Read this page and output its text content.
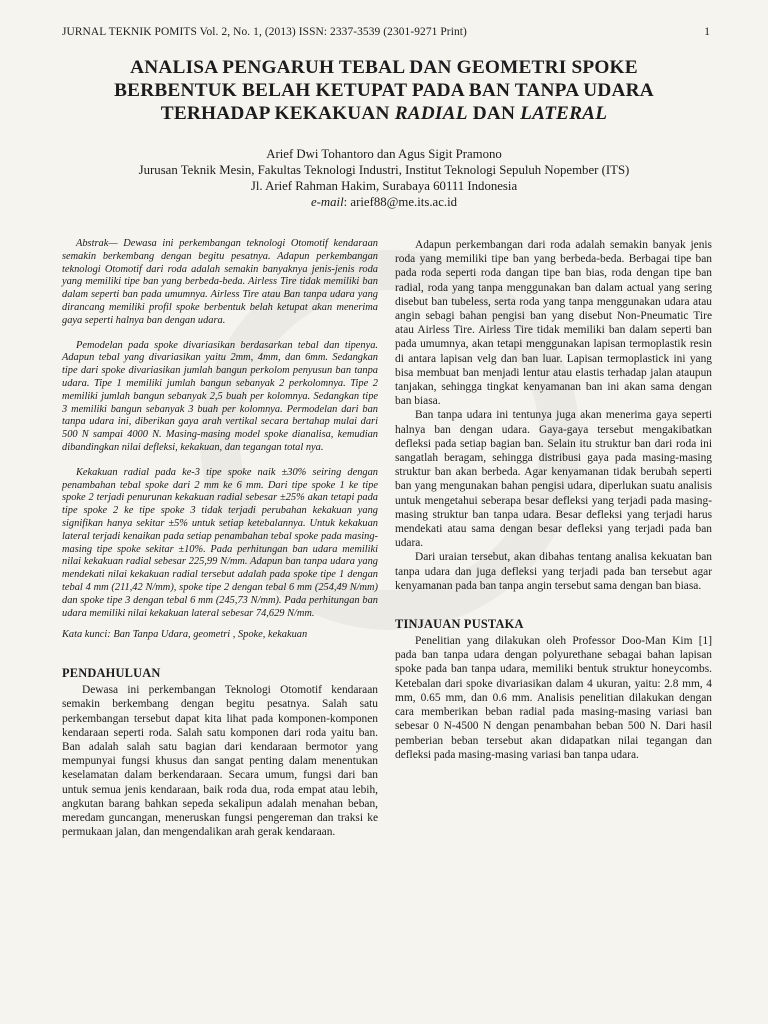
JURNAL TEKNIK POMITS Vol. 2, No. 1, (2013) ISSN: 2337-3539 (2301-9271 Print)	1
ANALISA PENGARUH TEBAL DAN GEOMETRI SPOKE
BERBENTUK BELAH KETUPAT PADA BAN TANPA UDARA
TERHADAP KEKAKUAN RADIAL DAN LATERAL
Arief Dwi Tohantoro dan Agus Sigit Pramono
Jurusan Teknik Mesin, Fakultas Teknologi Industri, Institut Teknologi Sepuluh Nopember (ITS)
Jl. Arief Rahman Hakim, Surabaya 60111 Indonesia
e-mail: arief88@me.its.ac.id

Abstrak— Dewasa ini perkembangan teknologi Otomotif kendaraan semakin berkembang dengan begitu pesatnya. Adapun perkembangan teknologi Otomotif dari roda adalah semakin banyaknya jenis-jenis roda yang memiliki tipe ban yang berbeda-beda. Airless Tire tidak memiliki ban dalam seperti ban pada umumnya. Airless Tire atau Ban tanpa udara yang dirancang memiliki profil spoke berbentuk belah ketupat akan menerima gaya seperti halnya ban dengan udara.

Pemodelan pada spoke divariasikan berdasarkan tebal dan tipenya. Adapun tebal yang divariasikan yaitu 2mm, 4mm, dan 6mm. Sedangkan tipe dari spoke divariasikan jumlah bangun perkolom penyusun ban tanpa udara. Tipe 1 memiliki jumlah bangun sebanyak 2 perkolomnya. Tipe 2 memiliki jumlah bangun sebanyak 2,5 buah per kolomnya. Sedangkan tipe 3 memiliki bangun sebanyak 3 buah per kolomnya. Permodelan dari ban tanpa udara ini, diberikan gaya arah vertikal secara bertahap mulai dari 500 N sampai 4000 N. Masing-masing model spoke dianalisa, kemudian dibandingkan nilai defleksi, kekakuan, dan tegangan total nya.

Kekakuan radial pada ke-3 tipe spoke naik ±30% seiring dengan penambahan tebal spoke dari 2 mm ke 6 mm. Dari tipe spoke 1 ke tipe spoke 2 terjadi penurunan kekakuan radial sebesar ±25% akan tetapi pada tipe spoke 2 ke tipe spoke 3 tidak terjadi perubahan kekakuan yang signifikan hanya sekitar ±5% untuk setiap ketebalannya. Untuk kekakuan lateral terjadi kenaikan pada setiap penambahan tebal spoke pada masing-masing tipe spoke sekitar ±10%. Pada perhitungan ban udara memiliki nilai kekakuan radial sebesar 225,99 N/mm. Adapun ban tanpa udara yang mendekati nilai kekakuan radial tersebut adalah pada spoke tipe 1 dengan tebal 4 mm (211,42 N/mm), spoke tipe 2 dengan tebal 6 mm (254,49 N/mm) dan spoke tipe 3 dengan tebal 6 mm (245,73 N/mm). Pada perhitungan ban udara memiliki nilai kekakuan lateral sebesar 74,629 N/mm.

Kata kunci: Ban Tanpa Udara, geometri , Spoke, kekakuan
PENDAHULUAN

Dewasa ini perkembangan Teknologi Otomotif kendaraan semakin berkembang dengan begitu pesatnya. Salah satu perkembangan tersebut dapat kita lihat pada komponen-komponen kendaraan seperti roda. Salah satu komponen dari roda yaitu ban. Ban adalah salah satu bagian dari kendaraan bermotor yang mempunyai fungsi khusus dan sangat penting dalam menentukan keselamatan dalam berkendaraan. Secara umum, fungsi dari ban untuk semua jenis kendaraan, baik roda dua, roda empat atau lebih, angkutan barang bahkan sepeda sekalipun adalah menahan beban, meredam guncangan, meneruskan fungsi pengereman dan traksi ke permukaan jalan, dan mengendalikan arah gerak kendaraan.

Adapun perkembangan dari roda adalah semakin banyak jenis roda yang memiliki tipe ban yang berbeda-beda. Berbagai tipe ban pada roda seperti roda dangan tipe ban bias, roda dengan tipe ban radial, roda yang tanpa menggunakan ban dalam actual yang sering disebut ban tubeless, serta roda yang tanpa menggunakan udara atau angin sebagi bahan pengisi ban yang disebut Non-Pneumatic Tire atau Airless Tire. Airless Tire tidak memiliki ban dalam seperti ban pada umumnya, akan tetapi menggunakan lapisan termoplastik resin di antara lapisan velg dan ban luar. Lapisan termoplastick ini yang bisa membuat ban menjadi lentur atau elastis terhadap jalan ataupun tanjakan, sehingga tingkat kenyamanan ban ini akan sama dengan ban biasa.

Ban tanpa udara ini tentunya juga akan menerima gaya seperti halnya ban dengan udara. Gaya-gaya tersebut mengakibatkan defleksi pada setiap bagian ban. Selain itu struktur ban dari roda ini sangatlah beragam, sehingga distribusi gaya pada masing-masing struktur ban akan berbeda. Agar kenyamanan tidak berubah seperti ban yang mengunakan bahan pengisi udara, diperlukan suatu analisis untuk mengetahui seberapa besar defleksi yang terjadi pada masing-masing struktur ban tanpa udara. Besar defleksi yang terjadi harus mendekati atau sama dengan besar defleksi yang terjadi pada ban udara.

Dari uraian tersebut, akan dibahas tentang analisa kekuatan ban tanpa udara dan juga defleksi yang terjadi pada ban tersebut agar kenyamanan pada ban tanpa angin tersebut sama dengan ban biasa.

TINJAUAN PUSTAKA

Penelitian yang dilakukan oleh Professor Doo-Man Kim [1] pada ban tanpa udara dengan polyurethane sebagai bahan lapisan spoke pada ban tanpa udara, memiliki bentuk struktur honeycombs. Ketebalan dari spoke divariasikan dalam 4 ukuran, yaitu: 2.8 mm, 4 mm, 0.65 mm, dan 0.6 mm. Analisis penelitian dilakukan dengan cara memberikan beban radial pada masing-masing variasi ban sebesar 0 N-4500 N dengan penambahan beban 500 N. Dari hasil pemberian beban tersebut akan didapatkan nilai tegangan dan defleksi pada masing-masing variasi ban tanpa udara.
